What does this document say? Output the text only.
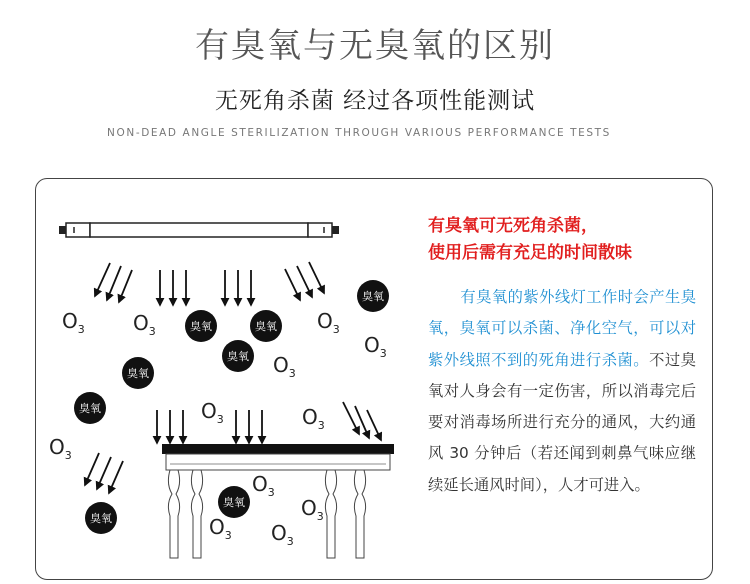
有臭氧与无臭氧的区别
无死角杀菌 经过各项性能测试
NON-DEAD ANGLE STERILIZATION THROUGH VARIOUS PERFORMANCE TESTS
臭氧
臭氧	臭氧
臭氧
臭氧
臭氧
臭氧
臭氧
$O_3$ $O_3$	$O_3$
$O_3$
$O_3$
$O_3$	$O_3$
$O_3$
$O_3$
$O_3$
$O_3$ $O_3$
有臭氧可无死角杀菌，
使用后需有充足的时间散味
有臭氧的紫外线灯工作时会产生臭氧，臭氧可以杀菌、净化空气，可以对紫外线照不到的死角进行杀菌。不过臭氧对人身会有一定伤害，所以消毒完后要对消毒场所进行充分的通风，大约通风 30 分钟后（若还闻到刺鼻气味应继续延长通风时间），人才可进入。
